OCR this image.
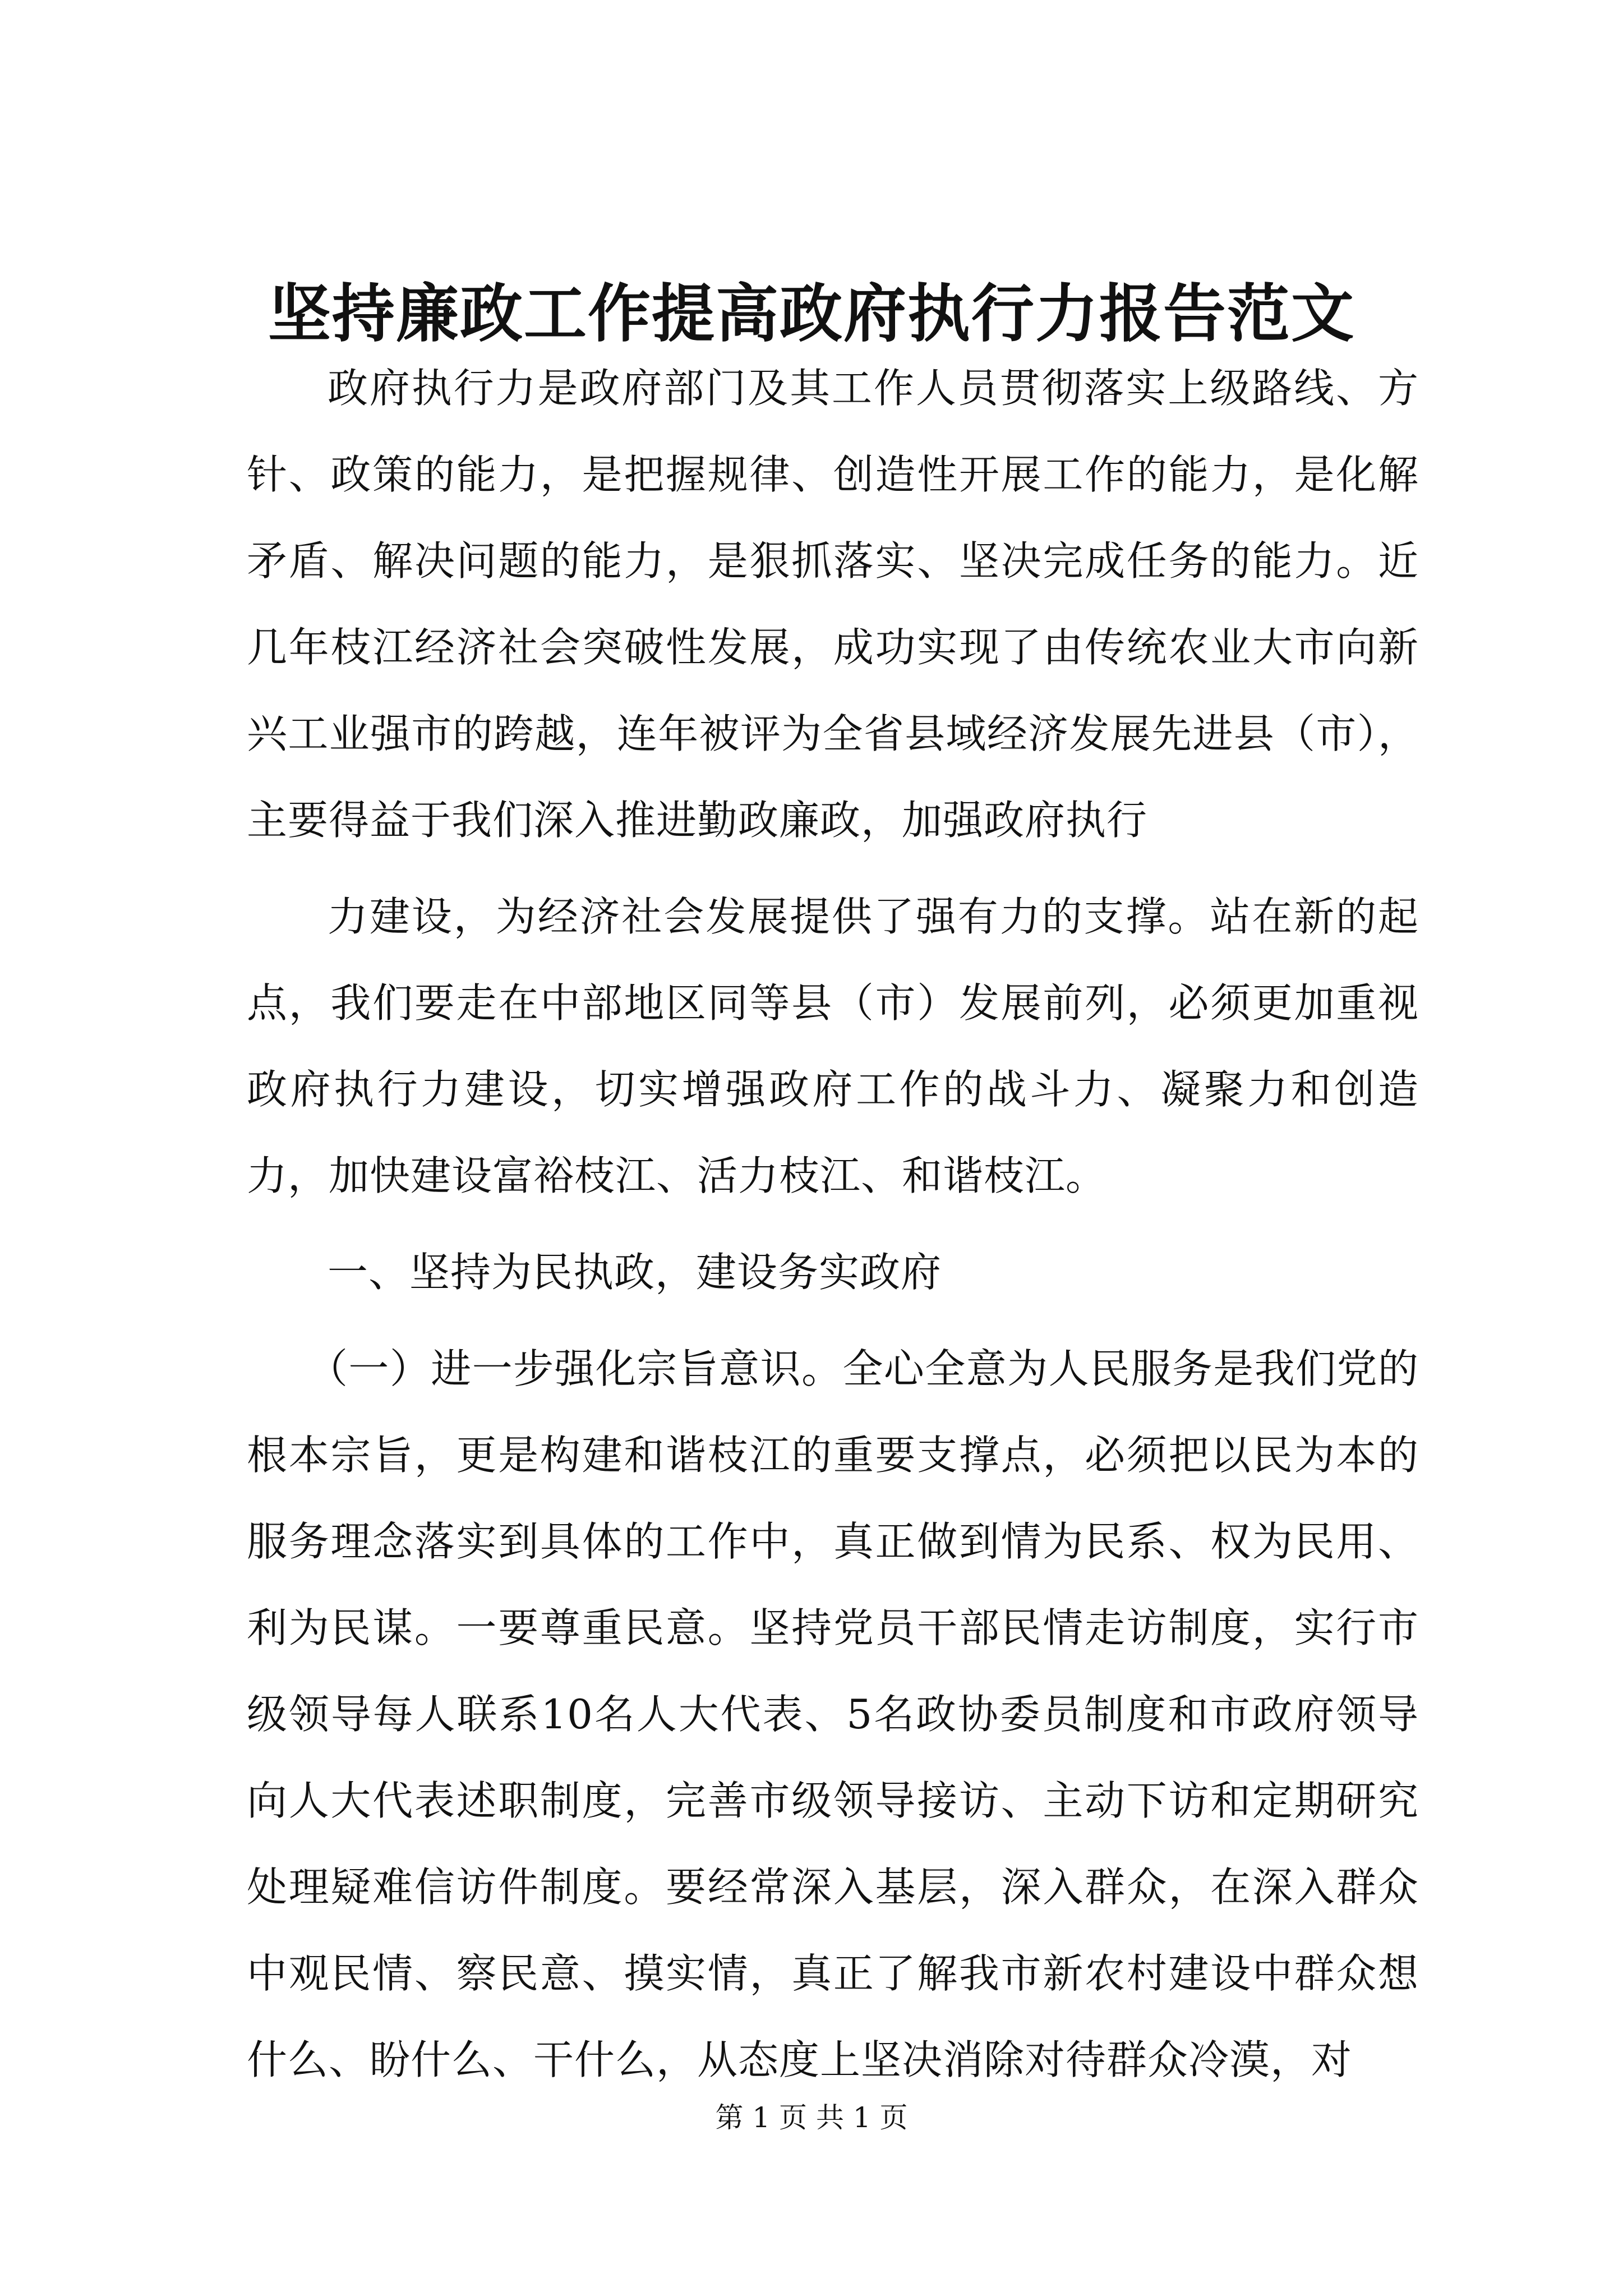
坚持廉政工作提高政府执行力报告范文

政府执行力是政府部门及其工作人员贯彻落实上级路线、方针、政策的能力，是把握规律、创造性开展工作的能力，是化解矛盾、解决问题的能力，是狠抓落实、坚决完成任务的能力。近几年枝江经济社会突破性发展，成功实现了由传统农业大市向新兴工业强市的跨越，连年被评为全省县域经济发展先进县（市），主要得益于我们深入推进勤政廉政，加强政府执行

力建设，为经济社会发展提供了强有力的支撑。站在新的起点，我们要走在中部地区同等县（市）发展前列，必须更加重视政府执行力建设，切实增强政府工作的战斗力、凝聚力和创造力，加快建设富裕枝江、活力枝江、和谐枝江。

一、坚持为民执政，建设务实政府

（一）进一步强化宗旨意识。全心全意为人民服务是我们党的根本宗旨，更是构建和谐枝江的重要支撑点，必须把以民为本的服务理念落实到具体的工作中，真正做到情为民系、权为民用、利为民谋。一要尊重民意。坚持党员干部民情走访制度，实行市级领导每人联系10名人大代表、5名政协委员制度和市政府领导向人大代表述职制度，完善市级领导接访、主动下访和定期研究处理疑难信访件制度。要经常深入基层，深入群众，在深入群众中观民情、察民意、摸实情，真正了解我市新农村建设中群众想什么、盼什么、干什么，从态度上坚决消除对待群众冷漠，对

第 1 页 共 1 页
